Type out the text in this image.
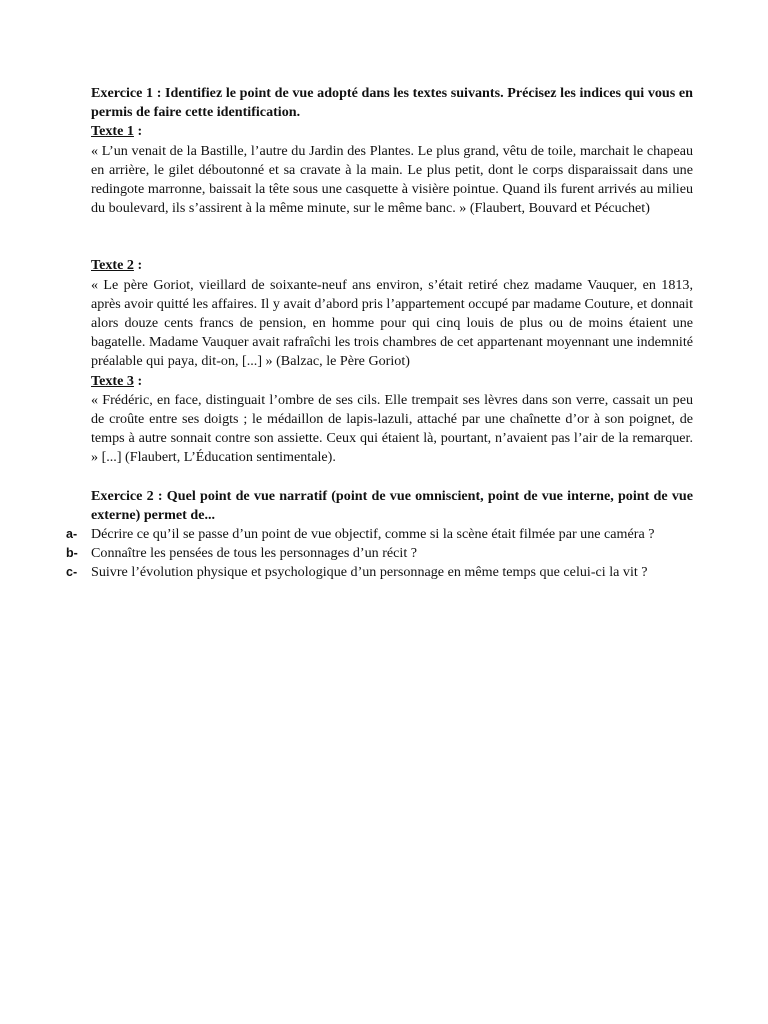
Exercice 1 : Identifiez le point de vue adopté dans les textes suivants. Précisez les indices qui vous en permis de faire cette identification.

Texte 1 :

« L’un venait de la Bastille, l’autre du Jardin des Plantes. Le plus grand, vêtu de toile, marchait le chapeau en arrière, le gilet déboutonné et sa cravate à la main. Le plus petit, dont le corps disparaissait dans une redingote marronne, baissait la tête sous une casquette à visière pointue. Quand ils furent arrivés au milieu du boulevard, ils s’assirent à la même minute, sur le même banc. » (Flaubert, Bouvard et Pécuchet)

Texte 2 :

« Le père Goriot, vieillard de soixante-neuf ans environ, s’était retiré chez madame Vauquer, en 1813, après avoir quitté les affaires. Il y avait d’abord pris l’appartement occupé par madame Couture, et donnait alors douze cents francs de pension, en homme pour qui cinq louis de plus ou de moins étaient une bagatelle. Madame Vauquer avait rafraîchi les trois chambres de cet appartenant moyennant une indemnité préalable qui paya, dit-on, [...] » (Balzac, le Père Goriot)

Texte 3 :

« Frédéric, en face, distinguait l’ombre de ses cils. Elle trempait ses lèvres dans son verre, cassait un peu de croûte entre ses doigts ; le médaillon de lapis-lazuli, attaché par une chaînette d’or à son poignet, de temps à autre sonnait contre son assiette. Ceux qui étaient là, pourtant, n’avaient pas l’air de la remarquer. » [...] (Flaubert, L’Éducation sentimentale).

Exercice 2 : Quel point de vue narratif (point de vue omniscient, point de vue interne, point de vue externe) permet de...

a- Décrire ce qu’il se passe d’un point de vue objectif, comme si la scène était filmée par une caméra ?
b- Connaître les pensées de tous les personnages d’un récit ?
c- Suivre l’évolution physique et psychologique d’un personnage en même temps que celui-ci la vit ?
